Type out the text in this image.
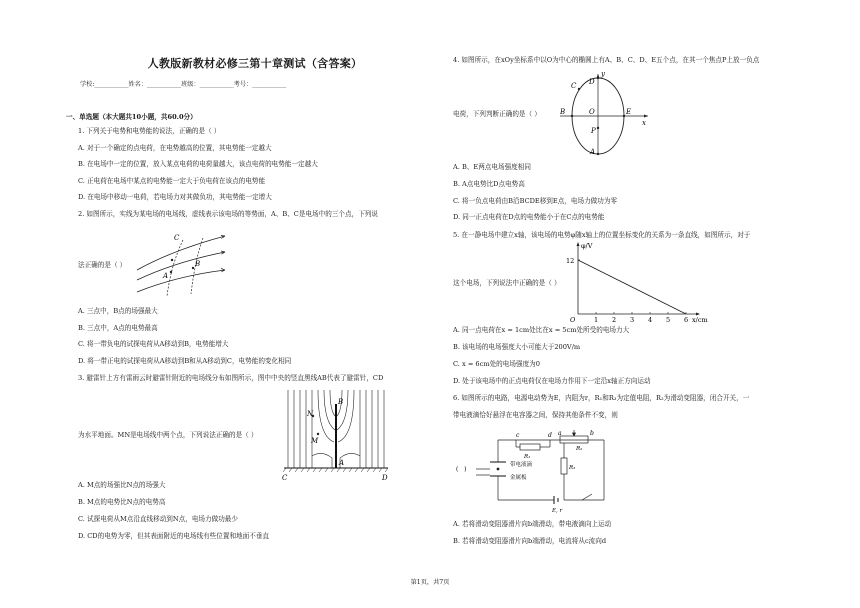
人教版新教材必修三第十章测试（含答案）
学校:___________姓名：___________班级：___________考号：___________
一、单选题（本大题共10小题，共60.0分）
1. 下列关于电势和电势能的说法，正确的是（ ）
A. 对于一个确定的点电荷，在电势越高的位置，其电势能一定越大
B. 在电场中一定的位置，放入某点电荷的电荷量越大，该点电荷的电势能一定越大
C. 正电荷在电场中某点的电势能一定大于负电荷在该点的电势能
D. 在电场中移动一电荷，若电场力对其做负功，其电势能一定增大
2. 如图所示，实线为某电场的电场线，虚线表示该电场的等势面，A、B、C是电场中的三个点，下列说
法正确的是（ ）
A. 三点中，B点的场强最大
B. 三点中，A点的电势最高
C. 将一带负电的试探电荷从A移动到B，电势能增大
D. 将一带正电的试探电荷从A移动到B和从A移动到C，电势能的变化相同
3. 避雷针上方有雷雨云时避雷针附近的电场线分布如图所示，图中中央的竖直黑线AB代表了避雷针，CD
为水平地面。MN是电场线中两个点，下列说法正确的是（ ）
A. M点的场强比N点的场强大
B. M点的电势比N点的电势高
C. 试探电荷从M点沿直线移动到N点，电场力做功最少
D. CD的电势为零，但其表面附近的电场线有些位置和地面不垂直
4. 如图所示，在xOy坐标系中以O为中心的椭圆上有A、B、C、D、E五个点，在其一个焦点P上放一负点
电荷，下列判断正确的是（ ）
A. B、E两点电场强度相同
B. A点电势比D点电势高
C. 将一负点电荷由B沿BCDE移到E点，电场力做功为零
D. 同一正点电荷在D点的电势能小于在C点的电势能
5. 在一静电场中建立x轴，该电场的电势φ随x轴上的位置坐标变化的关系为一条直线，如图所示，对于
这个电场，下列说法中正确的是（ ）
A. 同一点电荷在x = 1cm处比在x = 5cm处所受的电场力大
B. 该电场的电场强度大小可能大于200V/m
C. x = 6cm处的电场强度为0
D. 处于该电场中的正点电荷仅在电场力作用下一定沿x轴正方向运动
6. 如图所示的电路，电源电动势为E，内阻为r，R₁和R₃为定值电阻，R₂为滑动变阻器，闭合开关，一
带电液滴恰好悬浮在电容器之间，保持其他条件不变，则
A. 若将滑动变阻器滑片向b端滑动，带电液滴向上运动
B. 若将滑动变阻器滑片向b端滑动，电流将从c流向d
C
A
B
N
M
B
A
C	D
y
D
C
O
B	E
x
P
A
φ/V
12
O	1 2 3 4 5 6 x/cm
(   )
c	d a	b
R₁
R₂
R₃
带电液滴
金属板
E, r
第1页，共7页
